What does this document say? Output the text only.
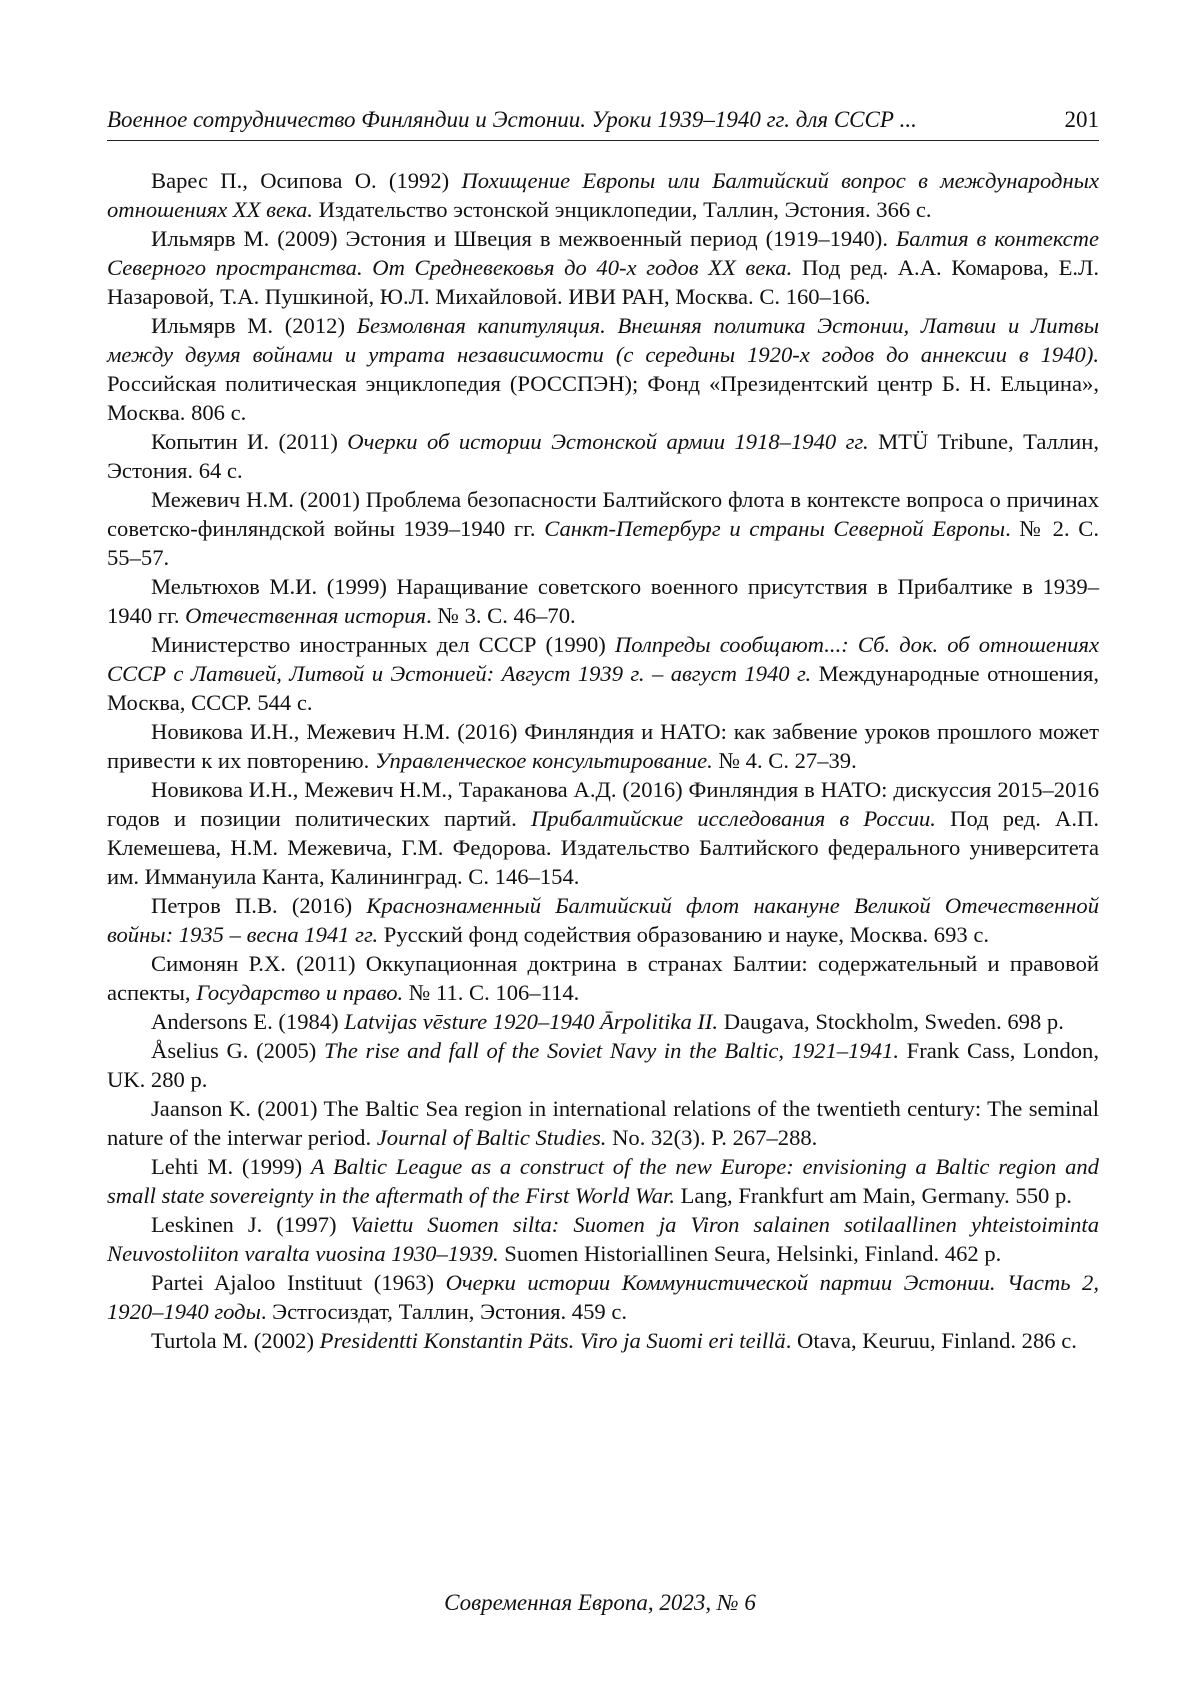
Военное сотрудничество Финляндии и Эстонии. Уроки 1939–1940 гг. для СССР ...	201

Варес П., Осипова О. (1992) Похищение Европы или Балтийский вопрос в международных отношениях XX века. Издательство эстонской энциклопедии, Таллин, Эстония. 366 с.

Ильмярв М. (2009) Эстония и Швеция в межвоенный период (1919–1940). Балтия в контексте Северного пространства. От Средневековья до 40-х годов XX века. Под ред. А.А. Комарова, Е.Л. Назаровой, Т.А. Пушкиной, Ю.Л. Михайловой. ИВИ РАН, Москва. С. 160–166.

Ильмярв М. (2012) Безмолвная капитуляция. Внешняя политика Эстонии, Латвии и Литвы между двумя войнами и утрата независимости (с середины 1920-х годов до аннексии в 1940). Российская политическая энциклопедия (РОССПЭН); Фонд «Президентский центр Б. Н. Ельцина», Москва. 806 с.

Копытин И. (2011) Очерки об истории Эстонской армии 1918–1940 гг. MTÜ Tribune, Таллин, Эстония. 64 с.

Межевич Н.М. (2001) Проблема безопасности Балтийского флота в контексте вопроса о причинах советско-финляндской войны 1939–1940 гг. Санкт-Петербург и страны Северной Европы. № 2. С. 55–57.

Мельтюхов М.И. (1999) Наращивание советского военного присутствия в Прибалтике в 1939–1940 гг. Отечественная история. № 3. С. 46–70.

Министерство иностранных дел СССР (1990) Полпреды сообщают...: Сб. док. об отношениях СССР с Латвией, Литвой и Эстонией: Август 1939 г. – август 1940 г. Международные отношения, Москва, СССР. 544 с.

Новикова И.Н., Межевич Н.М. (2016) Финляндия и НАТО: как забвение уроков прошлого может привести к их повторению. Управленческое консультирование. № 4. С. 27–39.

Новикова И.Н., Межевич Н.М., Тараканова А.Д. (2016) Финляндия в НАТО: дискуссия 2015–2016 годов и позиции политических партий. Прибалтийские исследования в России. Под ред. А.П. Клемешева, Н.М. Межевича, Г.М. Федорова. Издательство Балтийского федерального университета им. Иммануила Канта, Калининград. С. 146–154.

Петров П.В. (2016) Краснознаменный Балтийский флот накануне Великой Отечественной войны: 1935 – весна 1941 гг. Русский фонд содействия образованию и науке, Москва. 693 с.

Симонян Р.Х. (2011) Оккупационная доктрина в странах Балтии: содержательный и правовой аспекты, Государство и право. № 11. С. 106–114.

Andersons E. (1984) Latvijas vēsture 1920–1940 Ārpolitika II. Daugava, Stockholm, Sweden. 698 p.

Åselius G. (2005) The rise and fall of the Soviet Navy in the Baltic, 1921–1941. Frank Cass, London, UK. 280 p.

Jaanson K. (2001) The Baltic Sea region in international relations of the twentieth century: The seminal nature of the interwar period. Journal of Baltic Studies. No. 32(3). P. 267–288.

Lehti M. (1999) A Baltic League as a construct of the new Europe: envisioning a Baltic region and small state sovereignty in the aftermath of the First World War. Lang, Frankfurt am Main, Germany. 550 p.

Leskinen J. (1997) Vaiettu Suomen silta: Suomen ja Viron salainen sotilaallinen yhteistoiminta Neuvostoliiton varalta vuosina 1930–1939. Suomen Historiallinen Seura, Helsinki, Finland. 462 p.

Partei Ajaloo Instituut (1963) Очерки истории Коммунистической партии Эстонии. Часть 2, 1920–1940 годы. Эстгосиздат, Таллин, Эстония. 459 с.

Turtola M. (2002) Presidentti Konstantin Päts. Viro ja Suomi eri teillä. Otava, Keuruu, Finland. 286 c.

Современная Европа, 2023, № 6
